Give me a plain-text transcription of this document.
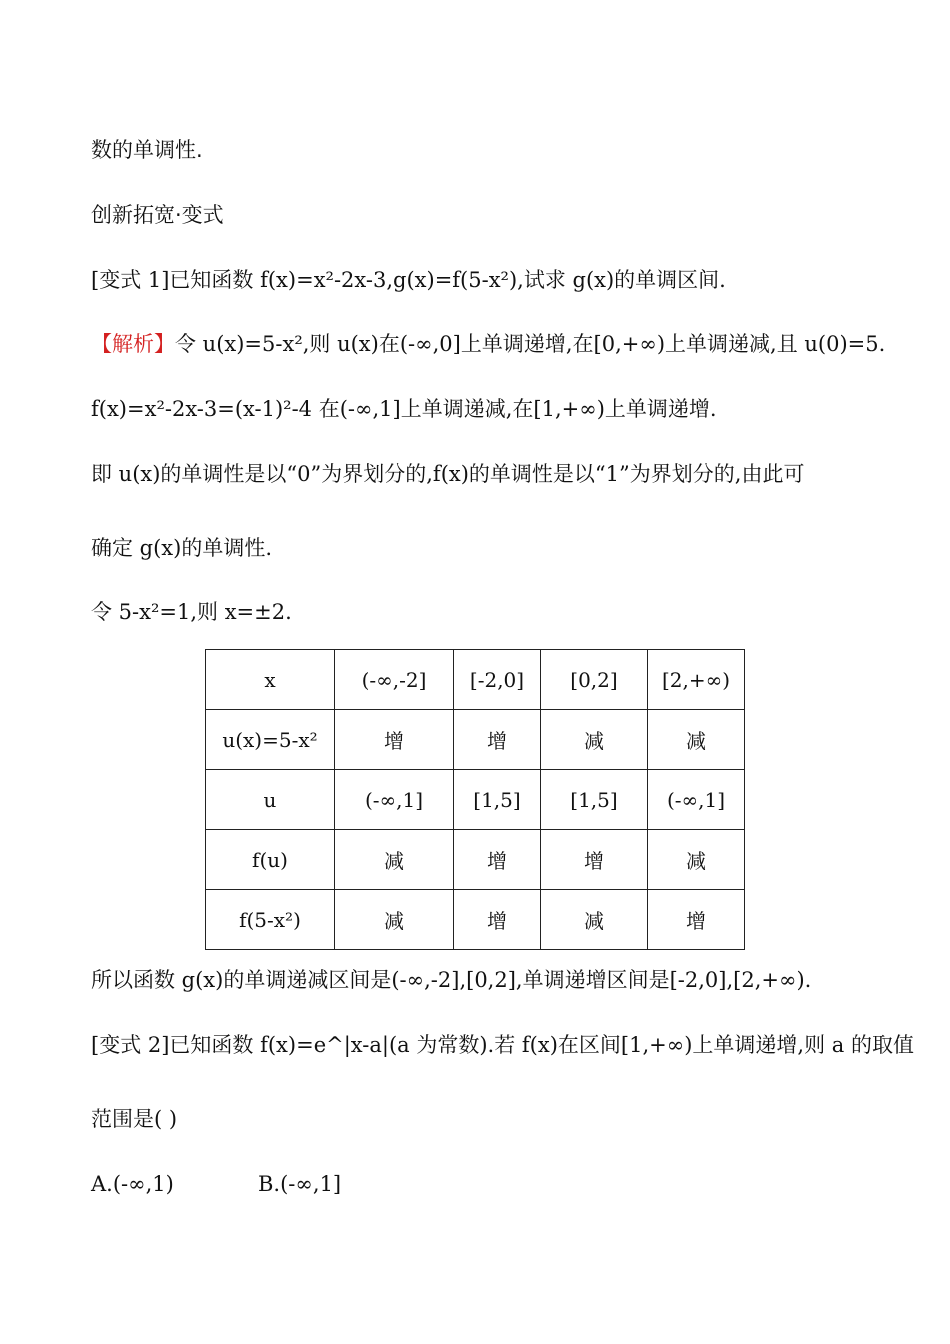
数的单调性.
创新拓宽·变式
[变式 1]已知函数 f(x)=x²-2x-3,g(x)=f(5-x²),试求 g(x)的单调区间.
【解析】令 u(x)=5-x²,则 u(x)在(-∞,0]上单调递增,在[0,+∞)上单调递减,且 u(0)=5.
f(x)=x²-2x-3=(x-1)²-4 在(-∞,1]上单调递减,在[1,+∞)上单调递增.
即 u(x)的单调性是以“0”为界划分的,f(x)的单调性是以“1”为界划分的,由此可
确定 g(x)的单调性.
令 5-x²=1,则 x=±2.
x	(-∞,-2]	[-2,0]	[0,2]	[2,+∞)
u(x)=5-x²	增	增	减	减
u	(-∞,1]	[1,5]	[1,5]	(-∞,1]
f(u)	减	增	增	减
f(5-x²)	减	增	减	增
所以函数 g(x)的单调递减区间是(-∞,-2],[0,2],单调递增区间是[-2,0],[2,+∞).
[变式 2]已知函数 f(x)=e^|x-a|(a 为常数).若 f(x)在区间[1,+∞)上单调递增,则 a 的取值
范围是( )
A.(-∞,1)	B.(-∞,1]
